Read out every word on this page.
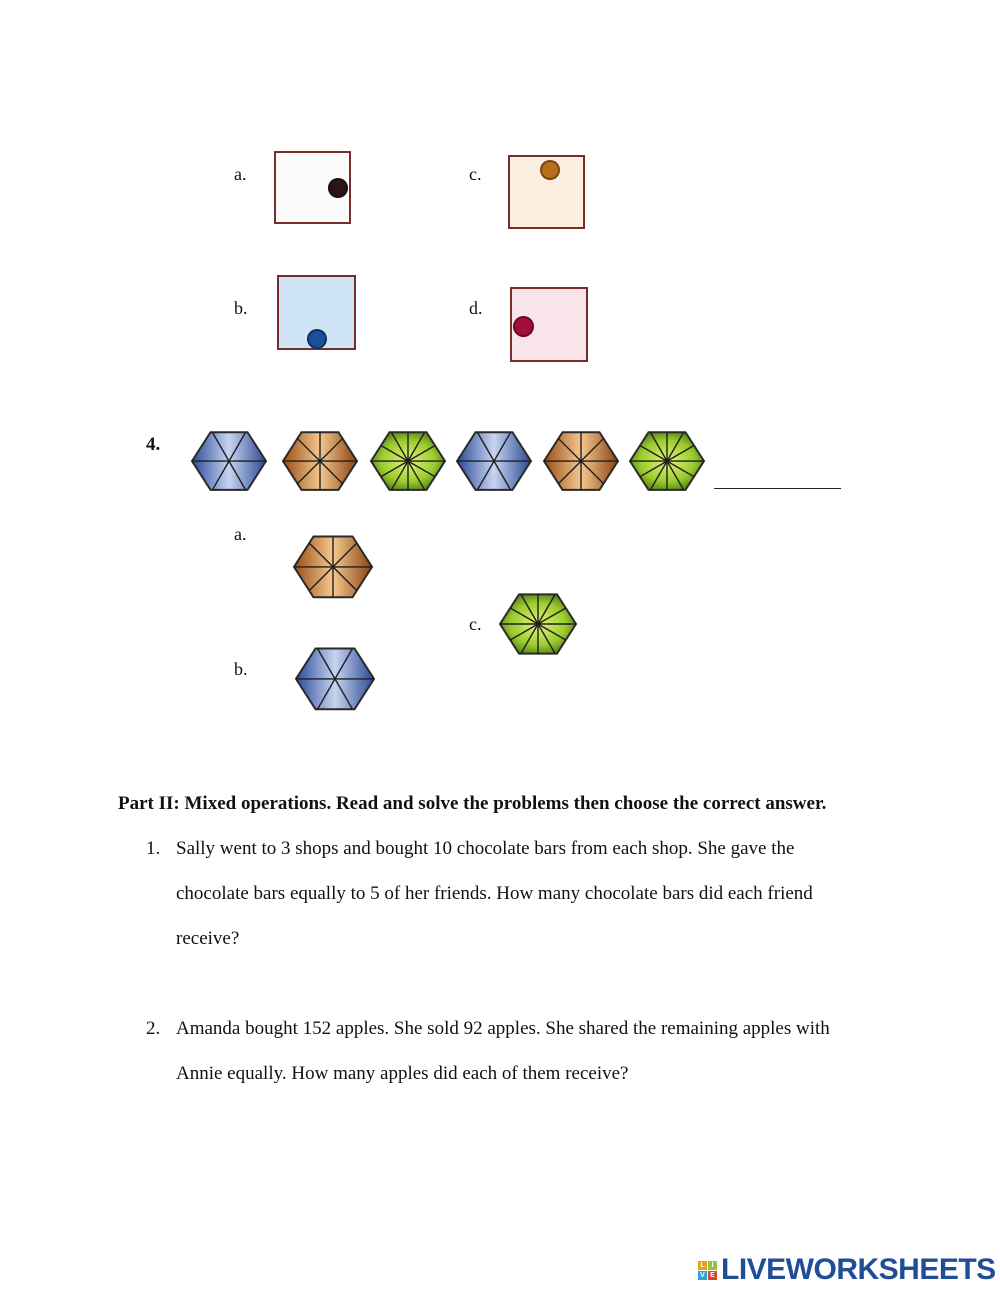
a.
b.
c.
d.
4.
a.
c.
b.
Part II: Mixed operations. Read and solve the problems then choose the correct answer.
1. Sally went to 3 shops and bought 10 chocolate bars from each shop. She gave the
chocolate bars equally to 5 of her friends. How many chocolate bars did each friend
receive?
2. Amanda bought 152 apples. She sold 92 apples. She shared the remaining apples with
Annie equally. How many apples did each of them receive?
L I
V E LIVEWORKSHEETS
